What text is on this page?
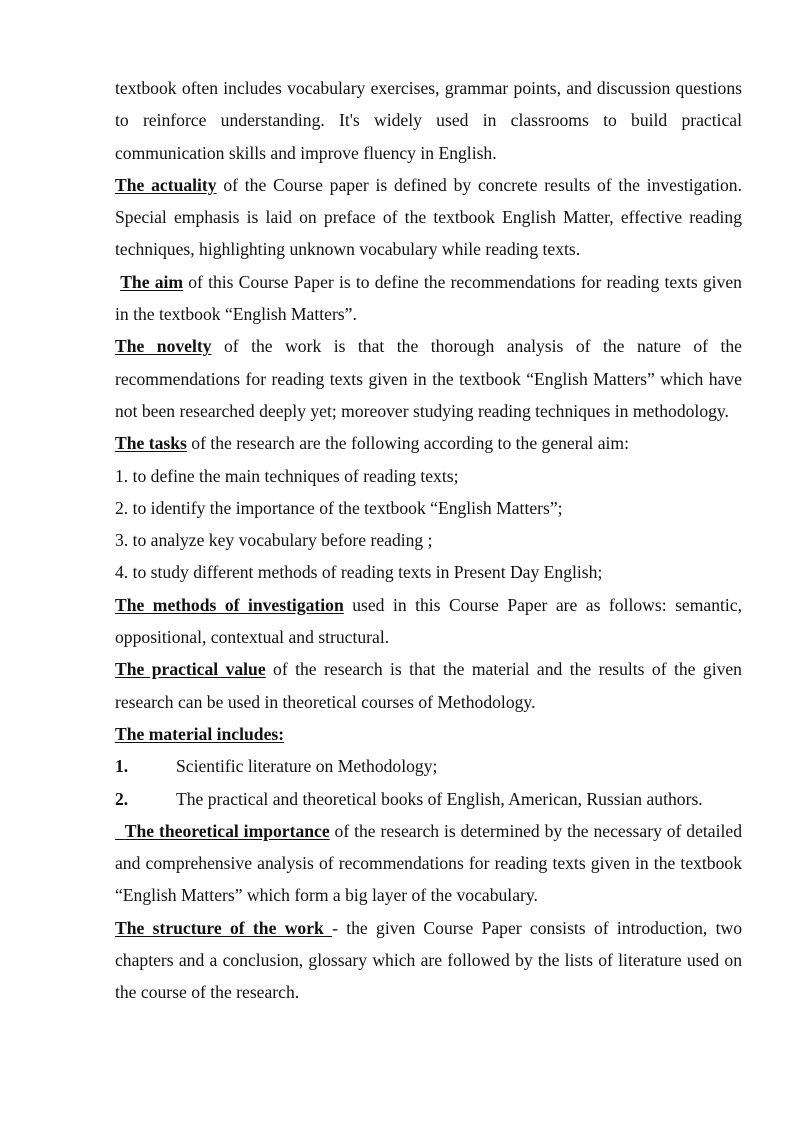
textbook often includes vocabulary exercises, grammar points, and discussion questions to reinforce understanding. It's widely used in classrooms to build practical communication skills and improve fluency in English.

The actuality of the Course paper is defined by concrete results of the investigation. Special emphasis is laid on preface of the textbook English Matter, effective reading techniques, highlighting unknown vocabulary while reading texts.

The aim of this Course Paper is to define the recommendations for reading texts given in the textbook “English Matters”.

The novelty of the work is that the thorough analysis of the nature of the recommendations for reading texts given in the textbook “English Matters” which have not been researched deeply yet; moreover studying reading techniques in methodology.

The tasks of the research are the following according to the general aim:

1. to define the main techniques of reading texts;

2. to identify the importance of the textbook “English Matters”;

3. to analyze key vocabulary before reading ;

4. to study different methods of reading texts in Present Day English;

The methods of investigation used in this Course Paper are as follows: semantic, oppositional, contextual and structural.

The practical value of the research is that the material and the results of the given research can be used in theoretical courses of Methodology.

The material includes:

1.	Scientific literature on Methodology;
2.	The practical and theoretical books of English, American, Russian authors.

The theoretical importance of the research is determined by the necessary of detailed and comprehensive analysis of recommendations for reading texts given in the textbook “English Matters” which form a big layer of the vocabulary.

The structure of the work - the given Course Paper consists of introduction, two chapters and a conclusion, glossary which are followed by the lists of literature used on the course of the research.
